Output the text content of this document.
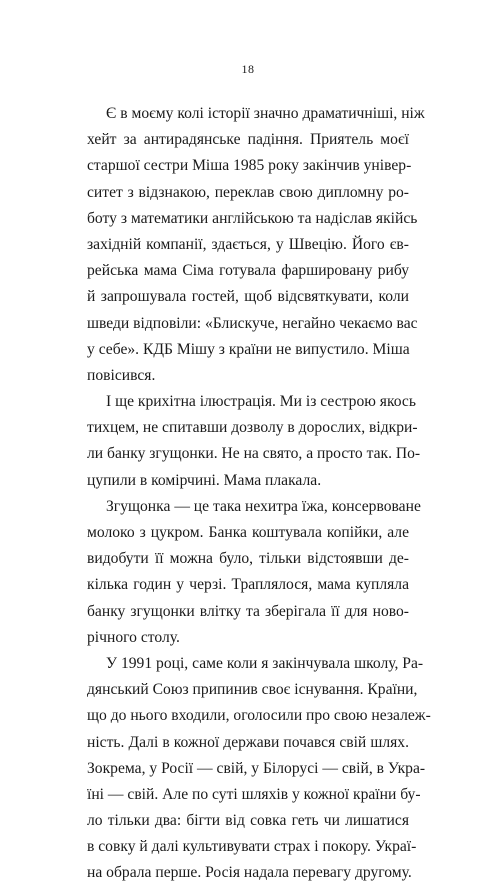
18
Є в моєму колі історії значно драматичніші, ніж
хейт за антирадянське падіння. Приятель моєї
старшої сестри Міша 1985 року закінчив універ-
ситет з відзнакою, переклав свою дипломну ро-
боту з математики англійською та надіслав якійсь
західній компанії, здається, у Швецію. Його єв-
рейська мама Сіма готувала фаршировану рибу
й запрошувала гостей, щоб відсвяткувати, коли
шведи відповіли: «Блискуче, негайно чекаємо вас
у себе». КДБ Мішу з країни не випустило. Міша
повісився.
І ще крихітна ілюстрація. Ми із сестрою якось
тихцем, не спитавши дозволу в дорослих, відкри-
ли банку згущонки. Не на свято, а просто так. По-
цупили в комірчині. Мама плакала.
Згущонка — це така нехитра їжа, консервоване
молоко з цукром. Банка коштувала копійки, але
видобути її можна було, тільки відстоявши де-
кілька годин у черзі. Траплялося, мама купляла
банку згущонки влітку та зберігала її для ново-
річного столу.
У 1991 році, саме коли я закінчувала школу, Ра-
дянський Союз припинив своє існування. Країни,
що до нього входили, оголосили про свою незалеж-
ність. Далі в кожної держави почався свій шлях.
Зокрема, у Росії — свій, у Білорусі — свій, в Укра-
їні — свій. Але по суті шляхів у кожної країни бу-
ло тільки два: бігти від совка геть чи лишатися
в совку й далі культивувати страх і покору. Украї-
на обрала перше. Росія надала перевагу другому.
